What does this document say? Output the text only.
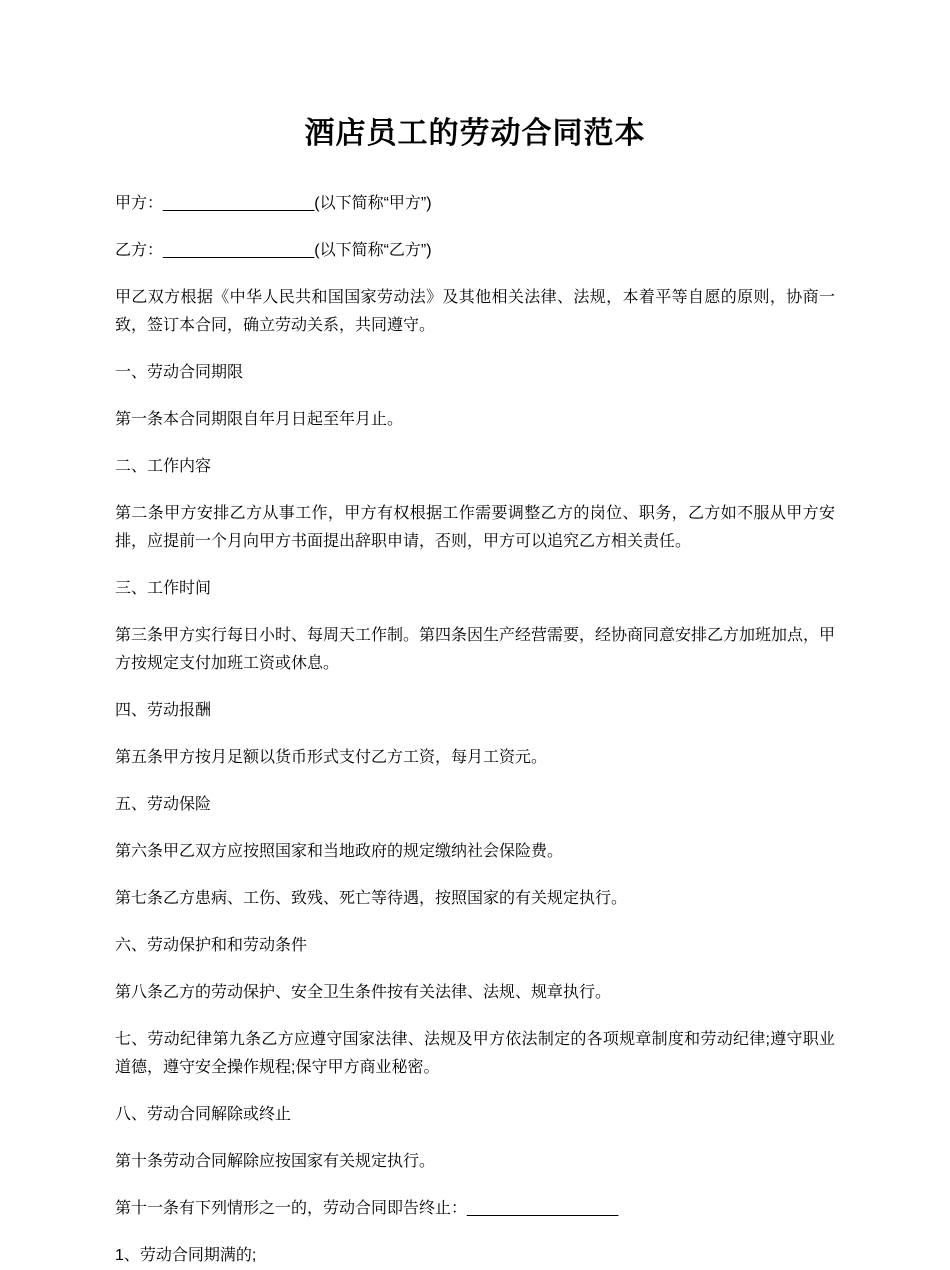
酒店员工的劳动合同范本

甲方：_________________(以下简称“甲方”)

乙方：_________________(以下简称“乙方”)

甲乙双方根据《中华人民共和国国家劳动法》及其他相关法律、法规，本着平等自愿的原则，协商一致，签订本合同，确立劳动关系，共同遵守。

一、劳动合同期限

第一条本合同期限自年月日起至年月止。

二、工作内容

第二条甲方安排乙方从事工作，甲方有权根据工作需要调整乙方的岗位、职务，乙方如不服从甲方安排，应提前一个月向甲方书面提出辞职申请，否则，甲方可以追究乙方相关责任。

三、工作时间

第三条甲方实行每日小时、每周天工作制。第四条因生产经营需要，经协商同意安排乙方加班加点，甲方按规定支付加班工资或休息。

四、劳动报酬

第五条甲方按月足额以货币形式支付乙方工资，每月工资元。

五、劳动保险

第六条甲乙双方应按照国家和当地政府的规定缴纳社会保险费。

第七条乙方患病、工伤、致残、死亡等待遇，按照国家的有关规定执行。

六、劳动保护和和劳动条件

第八条乙方的劳动保护、安全卫生条件按有关法律、法规、规章执行。

七、劳动纪律第九条乙方应遵守国家法律、法规及甲方依法制定的各项规章制度和劳动纪律;遵守职业道德，遵守安全操作规程;保守甲方商业秘密。

八、劳动合同解除或终止

第十条劳动合同解除应按国家有关规定执行。

第十一条有下列情形之一的，劳动合同即告终止：_________________

1、劳动合同期满的;
